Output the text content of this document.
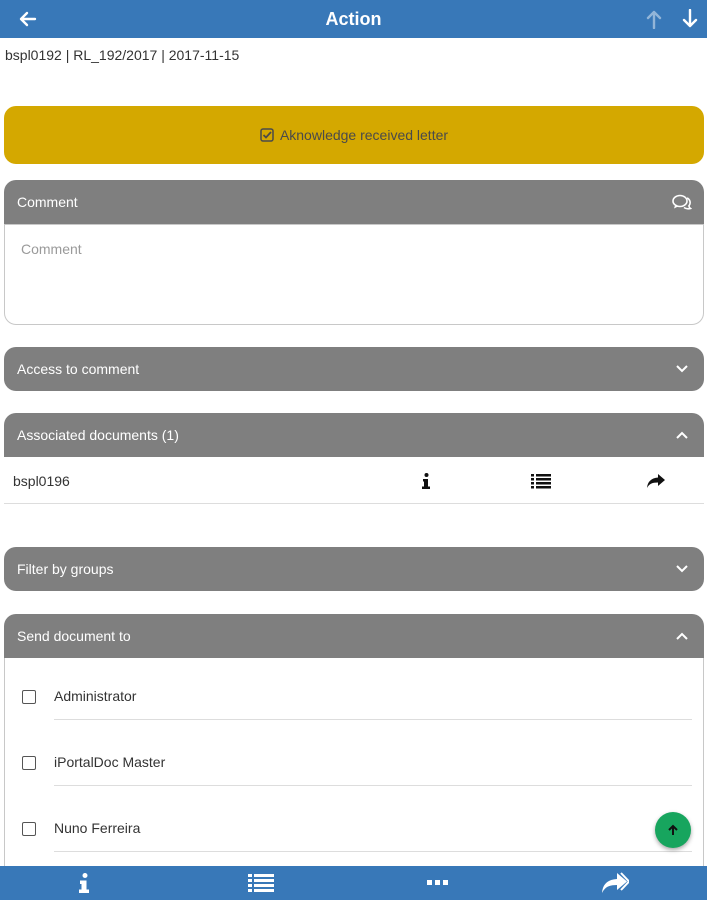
Action
bspl0192 | RL_192/2017 | 2017-11-15
Aknowledge received letter
Comment
Comment
Access to comment
Associated documents (1)
bspl0196
Filter by groups
Send document to
Administrator
iPortalDoc Master
Nuno Ferreira
